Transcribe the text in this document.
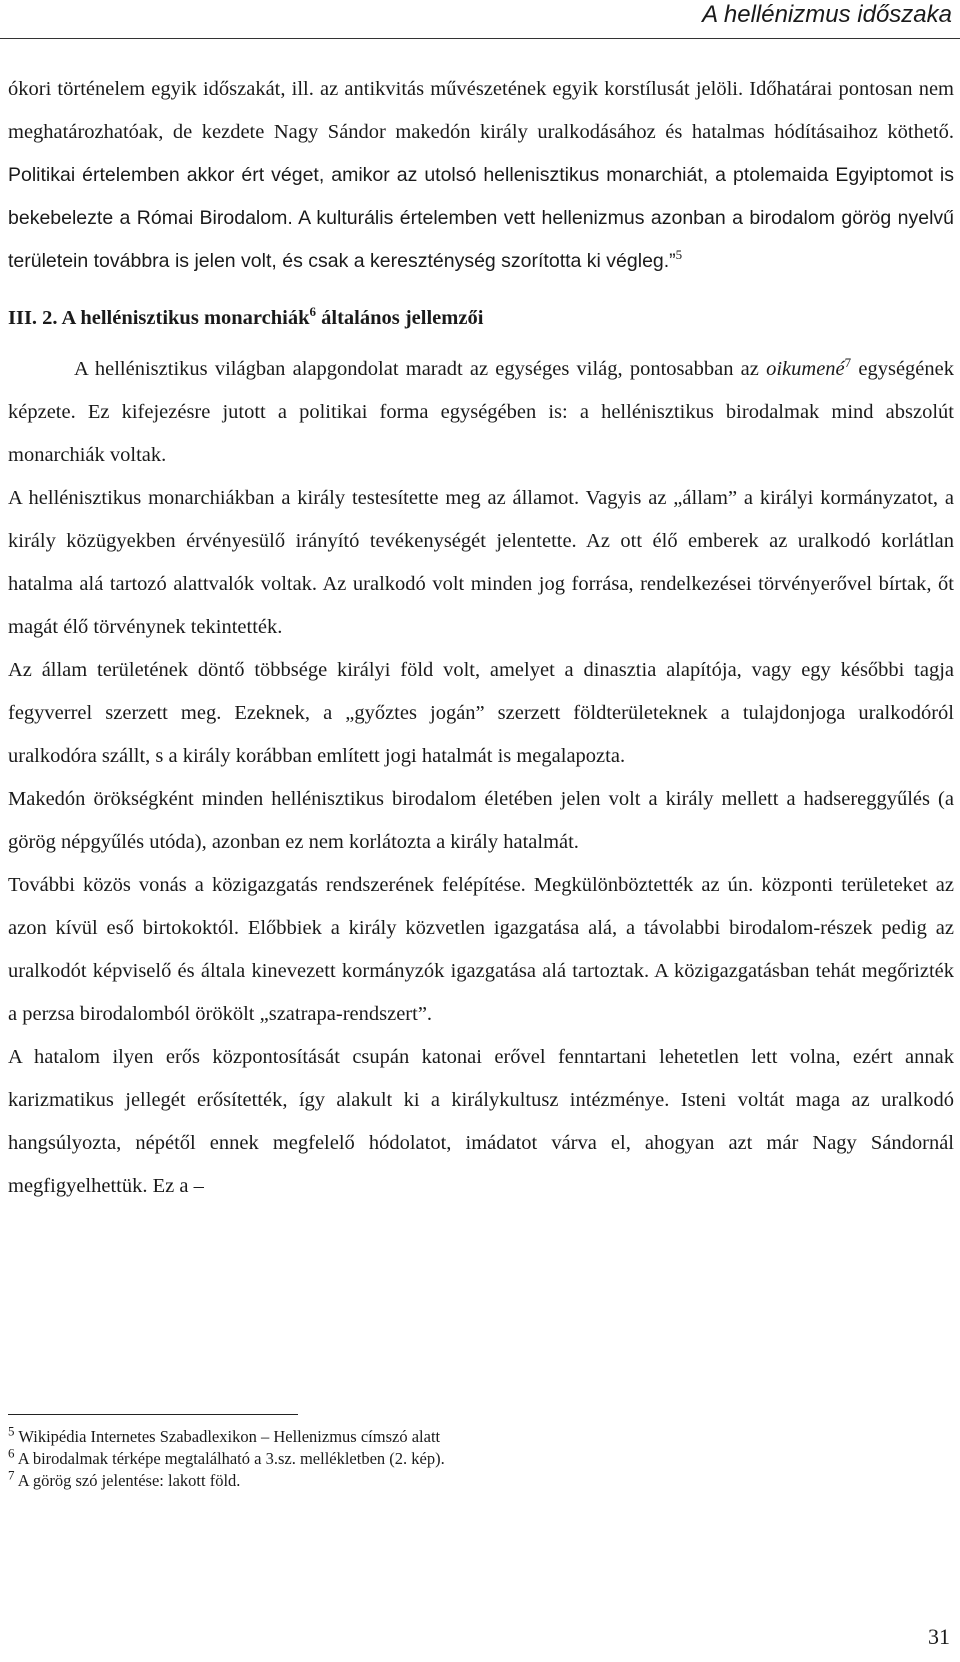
A hellénizmus időszaka

ókori történelem egyik időszakát, ill. az antikvitás művészetének egyik korstílusát jelöli. Időhatárai pontosan nem meghatározhatóak, de kezdete Nagy Sándor makedón király uralkodásához és hatalmas hódításaihoz köthető. Politikai értelemben akkor ért véget, amikor az utolsó hellenisztikus monarchiát, a ptolemaida Egyiptomot is bekebelezte a Római Birodalom. A kulturális értelemben vett hellenizmus azonban a birodalom görög nyelvű területein továbbra is jelen volt, és csak a kereszténység szorította ki végleg.”$^5$

III. 2. A hellénisztikus monarchiák$^6$ általános jellemzői

A hellénisztikus világban alapgondolat maradt az egységes világ, pontosabban az oikumené$^7$ egységének képzete. Ez kifejezésre jutott a politikai forma egységében is: a hellénisztikus birodalmak mind abszolút monarchiák voltak.

A hellénisztikus monarchiákban a király testesítette meg az államot. Vagyis az „állam” a királyi kormányzatot, a király közügyekben érvényesülő irányító tevékenységét jelentette. Az ott élő emberek az uralkodó korlátlan hatalma alá tartozó alattvalók voltak. Az uralkodó volt minden jog forrása, rendelkezései törvényerővel bírtak, őt magát élő törvénynek tekintették.

Az állam területének döntő többsége királyi föld volt, amelyet a dinasztia alapítója, vagy egy későbbi tagja fegyverrel szerzett meg. Ezeknek, a „győztes jogán” szerzett földterületeknek a tulajdonjoga uralkodóról uralkodóra szállt, s a király korábban említett jogi hatalmát is megalapozta.

Makedón örökségként minden hellénisztikus birodalom életében jelen volt a király mellett a hadsereggyűlés (a görög népgyűlés utóda), azonban ez nem korlátozta a király hatalmát.

További közös vonás a közigazgatás rendszerének felépítése. Megkülönböztették az ún. központi területeket az azon kívül eső birtokoktól. Előbbiek a király közvetlen igazgatása alá, a távolabbi birodalom-részek pedig az uralkodót képviselő és általa kinevezett kormányzók igazgatása alá tartoztak. A közigazgatásban tehát megőrizték a perzsa birodalomból örökölt „szatrapa-rendszert”.

A hatalom ilyen erős központosítását csupán katonai erővel fenntartani lehetetlen lett volna, ezért annak karizmatikus jellegét erősítették, így alakult ki a királykultusz intézménye. Isteni voltát maga az uralkodó hangsúlyozta, népétől ennek megfelelő hódolatot, imádatot várva el, ahogyan azt már Nagy Sándornál megfigyelhettük. Ez a –

$^5$ Wikipédia Internetes Szabadlexikon – Hellenizmus címszó alatt

$^6$ A birodalmak térképe megtalálható a 3.sz. mellékletben (2. kép).

$^7$ A görög szó jelentése: lakott föld.

31
